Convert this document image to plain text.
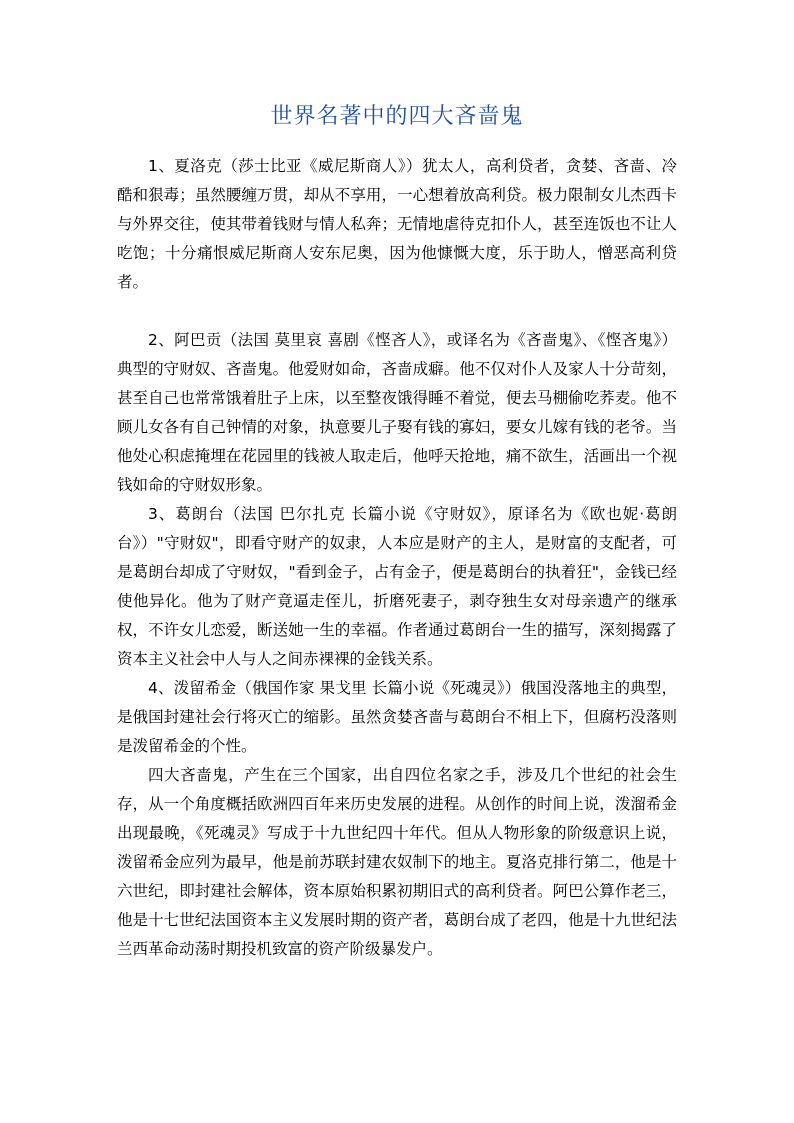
世界名著中的四大吝啬鬼

1、夏洛克（莎士比亚《威尼斯商人》）犹太人，高利贷者，贪婪、吝啬、冷酷和狠毒；虽然腰缠万贯，却从不享用，一心想着放高利贷。极力限制女儿杰西卡与外界交往，使其带着钱财与情人私奔；无情地虐待克扣仆人，甚至连饭也不让人吃饱；十分痛恨威尼斯商人安东尼奥，因为他慷慨大度，乐于助人，憎恶高利贷者。

2、阿巴贡（法国 莫里哀 喜剧《悭吝人》，或译名为《吝啬鬼》、《悭吝鬼》）典型的守财奴、吝啬鬼。他爱财如命，吝啬成癖。他不仅对仆人及家人十分苛刻，甚至自己也常常饿着肚子上床，以至整夜饿得睡不着觉，便去马棚偷吃荞麦。他不顾儿女各有自己钟情的对象，执意要儿子娶有钱的寡妇，要女儿嫁有钱的老爷。当他处心积虑掩埋在花园里的钱被人取走后，他呼天抢地，痛不欲生，活画出一个视钱如命的守财奴形象。

3、葛朗台（法国 巴尔扎克 长篇小说《守财奴》，原译名为《欧也妮·葛朗台》）"守财奴"，即看守财产的奴隶，人本应是财产的主人，是财富的支配者，可是葛朗台却成了守财奴，"看到金子，占有金子，便是葛朗台的执着狂"，金钱已经使他异化。他为了财产竟逼走侄儿，折磨死妻子，剥夺独生女对母亲遗产的继承权，不许女儿恋爱，断送她一生的幸福。作者通过葛朗台一生的描写，深刻揭露了资本主义社会中人与人之间赤裸裸的金钱关系。

4、泼留希金（俄国作家 果戈里 长篇小说《死魂灵》）俄国没落地主的典型，是俄国封建社会行将灭亡的缩影。虽然贪婪吝啬与葛朗台不相上下，但腐朽没落则是泼留希金的个性。

四大吝啬鬼，产生在三个国家，出自四位名家之手，涉及几个世纪的社会生存，从一个角度概括欧洲四百年来历史发展的进程。从创作的时间上说，泼溜希金出现最晚，《死魂灵》写成于十九世纪四十年代。但从人物形象的阶级意识上说，泼留希金应列为最早，他是前苏联封建农奴制下的地主。夏洛克排行第二，他是十六世纪，即封建社会解体，资本原始积累初期旧式的高利贷者。阿巴公算作老三，他是十七世纪法国资本主义发展时期的资产者，葛朗台成了老四，他是十九世纪法兰西革命动荡时期投机致富的资产阶级暴发户。
